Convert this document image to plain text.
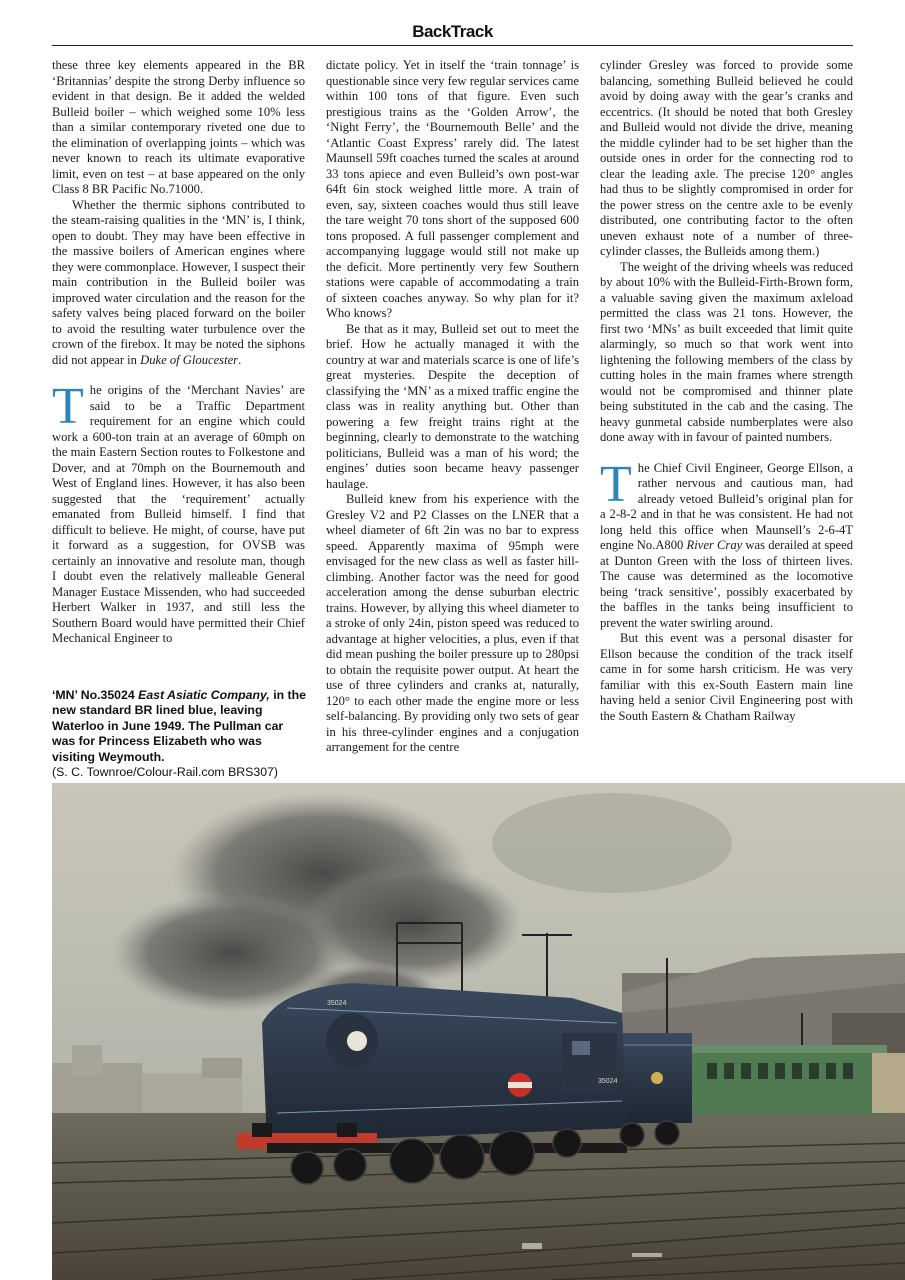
BackTrack

these three key elements appeared in the BR ‘Britannias’ despite the strong Derby influence so evident in that design. Be it added the welded Bulleid boiler – which weighed some 10% less than a similar contemporary riveted one due to the elimination of overlapping joints – which was never known to reach its ultimate evaporative limit, even on test – at base appeared on the only Class 8 BR Pacific No.71000.

Whether the thermic siphons contributed to the steam-raising qualities in the ‘MN’ is, I think, open to doubt. They may have been effective in the massive boilers of American engines where they were commonplace. However, I suspect their main contribution in the Bulleid boiler was improved water circulation and the reason for the safety valves being placed forward on the boiler to avoid the resulting water turbulence over the crown of the firebox. It may be noted the siphons did not appear in Duke of Gloucester.

The origins of the ‘Merchant Navies’ are said to be a Traffic Department requirement for an engine which could work a 600-ton train at an average of 60mph on the main Eastern Section routes to Folkestone and Dover, and at 70mph on the Bournemouth and West of England lines. However, it has also been suggested that the ‘requirement’ actually emanated from Bulleid himself. I find that difficult to believe. He might, of course, have put it forward as a suggestion, for OVSB was certainly an innovative and resolute man, though I doubt even the relatively malleable General Manager Eustace Missenden, who had succeeded Herbert Walker in 1937, and still less the Southern Board would have permitted their Chief Mechanical Engineer to

‘MN’ No.35024 East Asiatic Company, in the new standard BR lined blue, leaving Waterloo in June 1949. The Pullman car was for Princess Elizabeth who was visiting Weymouth.
(S. C. Townroe/Colour-Rail.com BRS307)

dictate policy. Yet in itself the ‘train tonnage’ is questionable since very few regular services came within 100 tons of that figure. Even such prestigious trains as the ‘Golden Arrow’, the ‘Night Ferry’, the ‘Bournemouth Belle’ and the ‘Atlantic Coast Express’ rarely did. The latest Maunsell 59ft coaches turned the scales at around 33 tons apiece and even Bulleid’s own post-war 64ft 6in stock weighed little more. A train of even, say, sixteen coaches would thus still leave the tare weight 70 tons short of the supposed 600 tons proposed. A full passenger complement and accompanying luggage would still not make up the deficit. More pertinently very few Southern stations were capable of accommodating a train of sixteen coaches anyway. So why plan for it? Who knows?

Be that as it may, Bulleid set out to meet the brief. How he actually managed it with the country at war and materials scarce is one of life’s great mysteries. Despite the deception of classifying the ‘MN’ as a mixed traffic engine the class was in reality anything but. Other than powering a few freight trains right at the beginning, clearly to demonstrate to the watching politicians, Bulleid was a man of his word; the engines’ duties soon became heavy passenger haulage.

Bulleid knew from his experience with the Gresley V2 and P2 Classes on the LNER that a wheel diameter of 6ft 2in was no bar to express speed. Apparently maxima of 95mph were envisaged for the new class as well as faster hill-climbing. Another factor was the need for good acceleration among the dense suburban electric trains. However, by allying this wheel diameter to a stroke of only 24in, piston speed was reduced to advantage at higher velocities, a plus, even if that did mean pushing the boiler pressure up to 280psi to obtain the requisite power output. At heart the use of three cylinders and cranks at, naturally, 120° to each other made the engine more or less self-balancing. By providing only two sets of gear in his three-cylinder engines and a conjugation arrangement for the centre

cylinder Gresley was forced to provide some balancing, something Bulleid believed he could avoid by doing away with the gear’s cranks and eccentrics. (It should be noted that both Gresley and Bulleid would not divide the drive, meaning the middle cylinder had to be set higher than the outside ones in order for the connecting rod to clear the leading axle. The precise 120° angles had thus to be slightly compromised in order for the power stress on the centre axle to be evenly distributed, one contributing factor to the often uneven exhaust note of a number of three-cylinder classes, the Bulleids among them.)

The weight of the driving wheels was reduced by about 10% with the Bulleid-Firth-Brown form, a valuable saving given the maximum axleload permitted the class was 21 tons. However, the first two ‘MNs’ as built exceeded that limit quite alarmingly, so much so that work went into lightening the following members of the class by cutting holes in the main frames where strength would not be compromised and thinner plate being substituted in the cab and the casing. The heavy gunmetal cabside numberplates were also done away with in favour of painted numbers.

The Chief Civil Engineer, George Ellson, a rather nervous and cautious man, had already vetoed Bulleid’s original plan for a 2-8-2 and in that he was consistent. He had not long held this office when Maunsell’s 2-6-4T engine No.A800 River Cray was derailed at speed at Dunton Green with the loss of thirteen lives. The cause was determined as the locomotive being ‘track sensitive’, possibly exacerbated by the baffles in the tanks being insufficient to prevent the water swirling around.

But this event was a personal disaster for Ellson because the condition of the track itself came in for some harsh criticism. He was very familiar with this ex-South Eastern main line having held a senior Civil Engineering post with the South Eastern & Chatham Railway

35024
35024
